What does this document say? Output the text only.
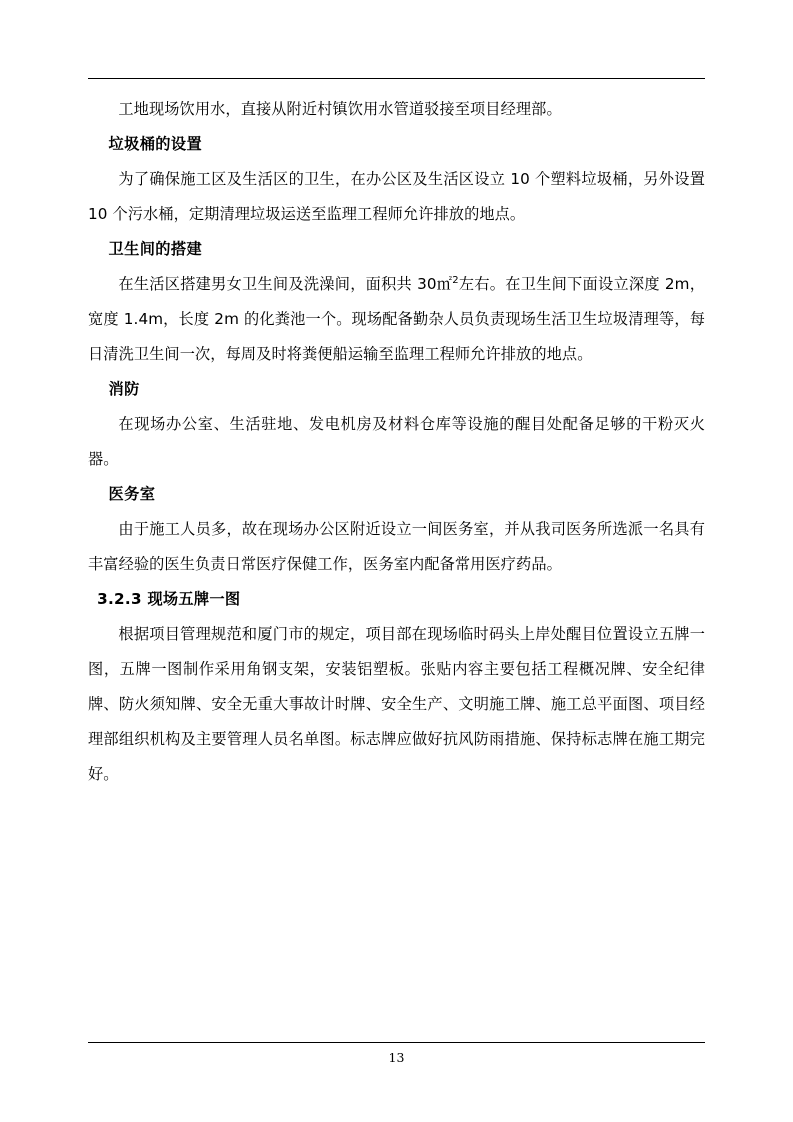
工地现场饮用水，直接从附近村镇饮用水管道驳接至项目经理部。

垃圾桶的设置

为了确保施工区及生活区的卫生，在办公区及生活区设立 10 个塑料垃圾桶，另外设置 10 个污水桶，定期清理垃圾运送至监理工程师允许排放的地点。

卫生间的搭建

在生活区搭建男女卫生间及洗澡间，面积共 30㎡$^2$左右。在卫生间下面设立深度 2m，宽度 1.4m，长度 2m 的化粪池一个。现场配备勤杂人员负责现场生活卫生垃圾清理等，每日清洗卫生间一次，每周及时将粪便船运输至监理工程师允许排放的地点。

消防

在现场办公室、生活驻地、发电机房及材料仓库等设施的醒目处配备足够的干粉灭火器。

医务室

由于施工人员多，故在现场办公区附近设立一间医务室，并从我司医务所选派一名具有丰富经验的医生负责日常医疗保健工作，医务室内配备常用医疗药品。

3.2.3 现场五牌一图

根据项目管理规范和厦门市的规定，项目部在现场临时码头上岸处醒目位置设立五牌一图，五牌一图制作采用角钢支架，安装铝塑板。张贴内容主要包括工程概况牌、安全纪律牌、防火须知牌、安全无重大事故计时牌、安全生产、文明施工牌、施工总平面图、项目经理部组织机构及主要管理人员名单图。标志牌应做好抗风防雨措施、保持标志牌在施工期完好。

13
